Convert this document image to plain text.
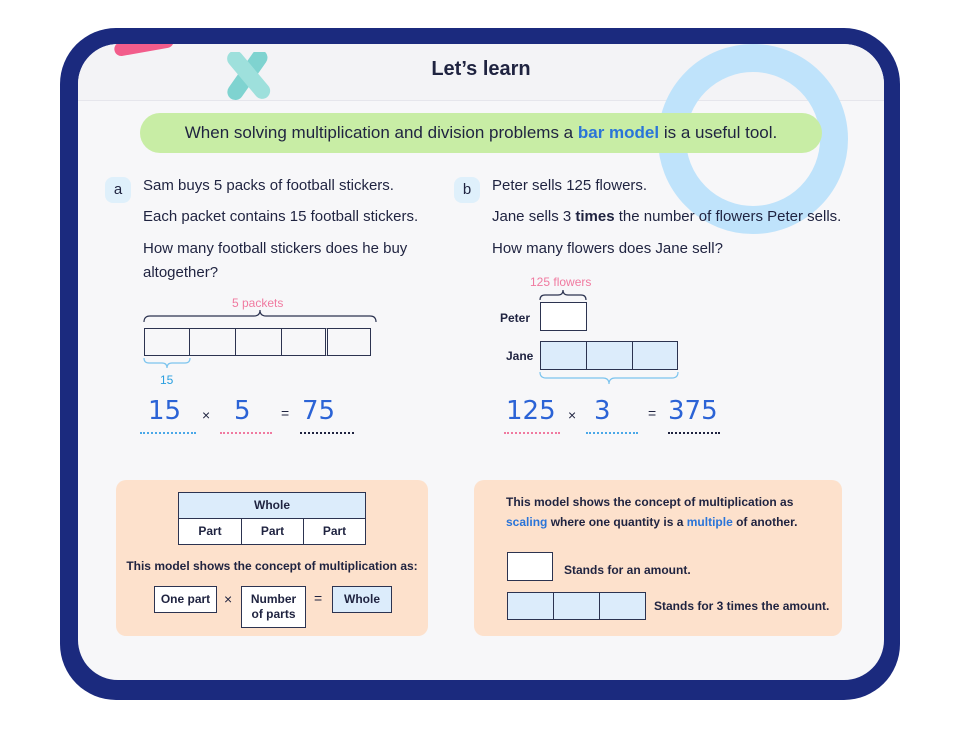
Let’s learn
When solving multiplication and division problems a bar model is a useful tool.
a	Sam buys 5 packs of football stickers.
Each packet contains 15 football stickers.
How many football stickers does he buy
altogether?
5 packets
15
15 × 5 = 75
b	Peter sells 125 flowers.
Jane sells 3 times the number of flowers Peter sells.
How many flowers does Jane sell?
125 flowers
Peter
Jane
125 × 3	= 375
Whole
Part	Part	Part
This model shows the concept of multiplication as:
One part ×	Number
of parts
=	Whole
This model shows the concept of multiplication as
scaling where one quantity is a multiple of another.
Stands for an amount.
Stands for 3 times the amount.
